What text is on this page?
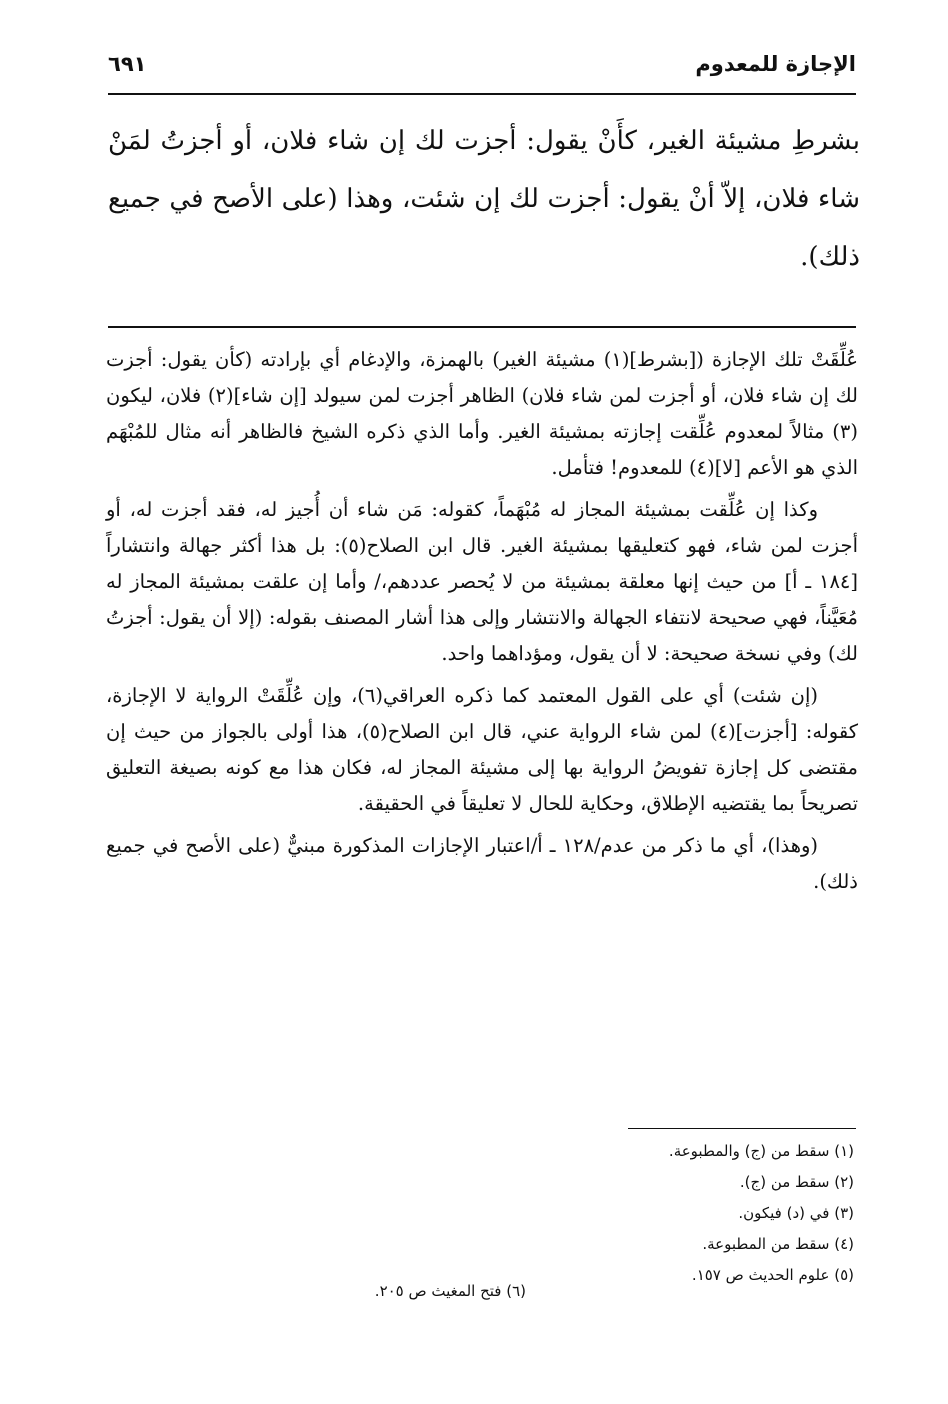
الإجازة للمعدوم
٦٩١
بشرطِ مشيئة الغير، كأَنْ يقول: أجزت لك إن شاء فلان، أو أجزتُ لمَنْ شاء فلان، إلاّ أنْ يقول: أجزت لك إن شئت، وهذا (على الأصح في جميع ذلك).

عُلِّقَتْ تلك الإجازة ([بشرط](١) مشيئة الغير) بالهمزة، والإدغام أي بإرادته (كأن يقول: أجزت لك إن شاء فلان، أو أجزت لمن شاء فلان) الظاهر أجزت لمن سيولد [إن شاء](٢) فلان، ليكون (٣) مثالاً لمعدوم عُلِّقت إجازته بمشيئة الغير. وأما الذي ذكره الشيخ فالظاهر أنه مثال للمُبْهَم الذي هو الأعم [لا](٤) للمعدوم! فتأمل.

وكذا إن عُلِّقت بمشيئة المجاز له مُبْهَماً، كقوله: مَن شاء أن أُجيز له، فقد أجزت له، أو أجزت لمن شاء، فهو كتعليقها بمشيئة الغير. قال ابن الصلاح(٥): بل هذا أكثر جهالة وانتشاراً [١٨٤ ـ أ] من حيث إنها معلقة بمشيئة من لا يُحصر عددهم،/ وأما إن علقت بمشيئة المجاز له مُعَيَّناً، فهي صحيحة لانتفاء الجهالة والانتشار وإلى هذا أشار المصنف بقوله: (إلا أن يقول: أجزتُ لك) وفي نسخة صحيحة: لا أن يقول، ومؤداهما واحد.

(إن شئت) أي على القول المعتمد كما ذكره العراقي(٦)، وإن عُلِّقَتْ الرواية لا الإجازة، كقوله: [أجزت](٤) لمن شاء الرواية عني، قال ابن الصلاح(٥)، هذا أولى بالجواز من حيث إن مقتضى كل إجازة تفويضُ الرواية بها إلى مشيئة المجاز له، فكان هذا مع كونه بصيغة التعليق تصريحاً بما يقتضيه الإطلاق، وحكاية للحال لا تعليقاً في الحقيقة.

(وهذا)، أي ما ذكر من عدم/١٢٨ ـ أ/اعتبار الإجازات المذكورة مبنيٌّ (على الأصح في جميع ذلك).

(١) سقط من (ج) والمطبوعة.
(٢) سقط من (ج).
(٣) في (د) فيكون.
(٤) سقط من المطبوعة.
(٥) علوم الحديث ص ١٥٧.
(٦) فتح المغيث ص ٢٠٥.
